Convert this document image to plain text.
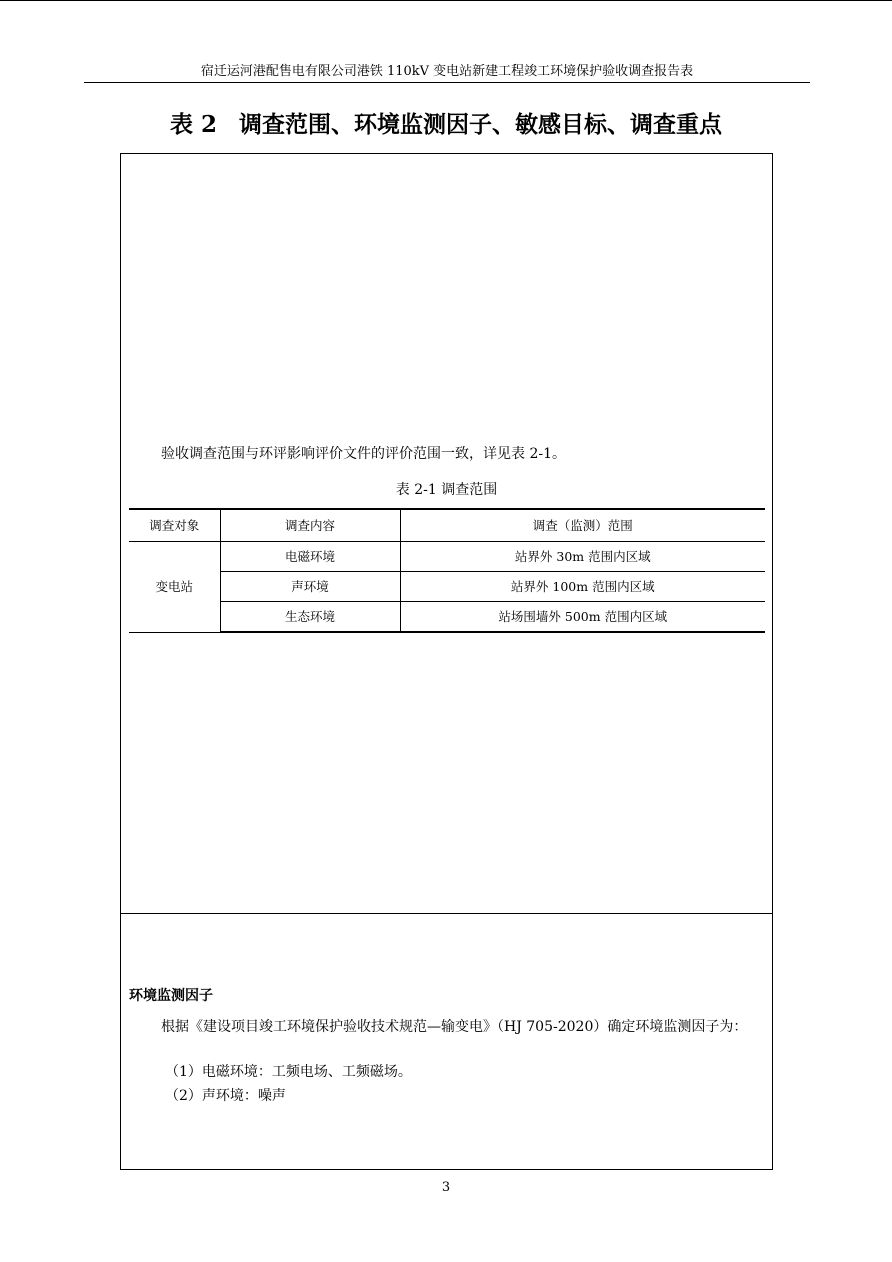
宿迁运河港配售电有限公司港铁 110kV 变电站新建工程竣工环境保护验收调查报告表
表 2 调查范围、环境监测因子、敏感目标、调查重点
验收调查范围与环评影响评价文件的评价范围一致，详见表 2-1。
表 2-1 调查范围
调查对象	调查内容	调查（监测）范围
变电站	电磁环境	站界外 30m 范围内区域
	声环境	站界外 100m 范围内区域
	生态环境	站场围墙外 500m 范围内区域
环境监测因子
根据《建设项目竣工环境保护验收技术规范—输变电》（HJ 705-2020）确定环境监测因子为：
（1）电磁环境：工频电场、工频磁场。
（2）声环境：噪声
3
